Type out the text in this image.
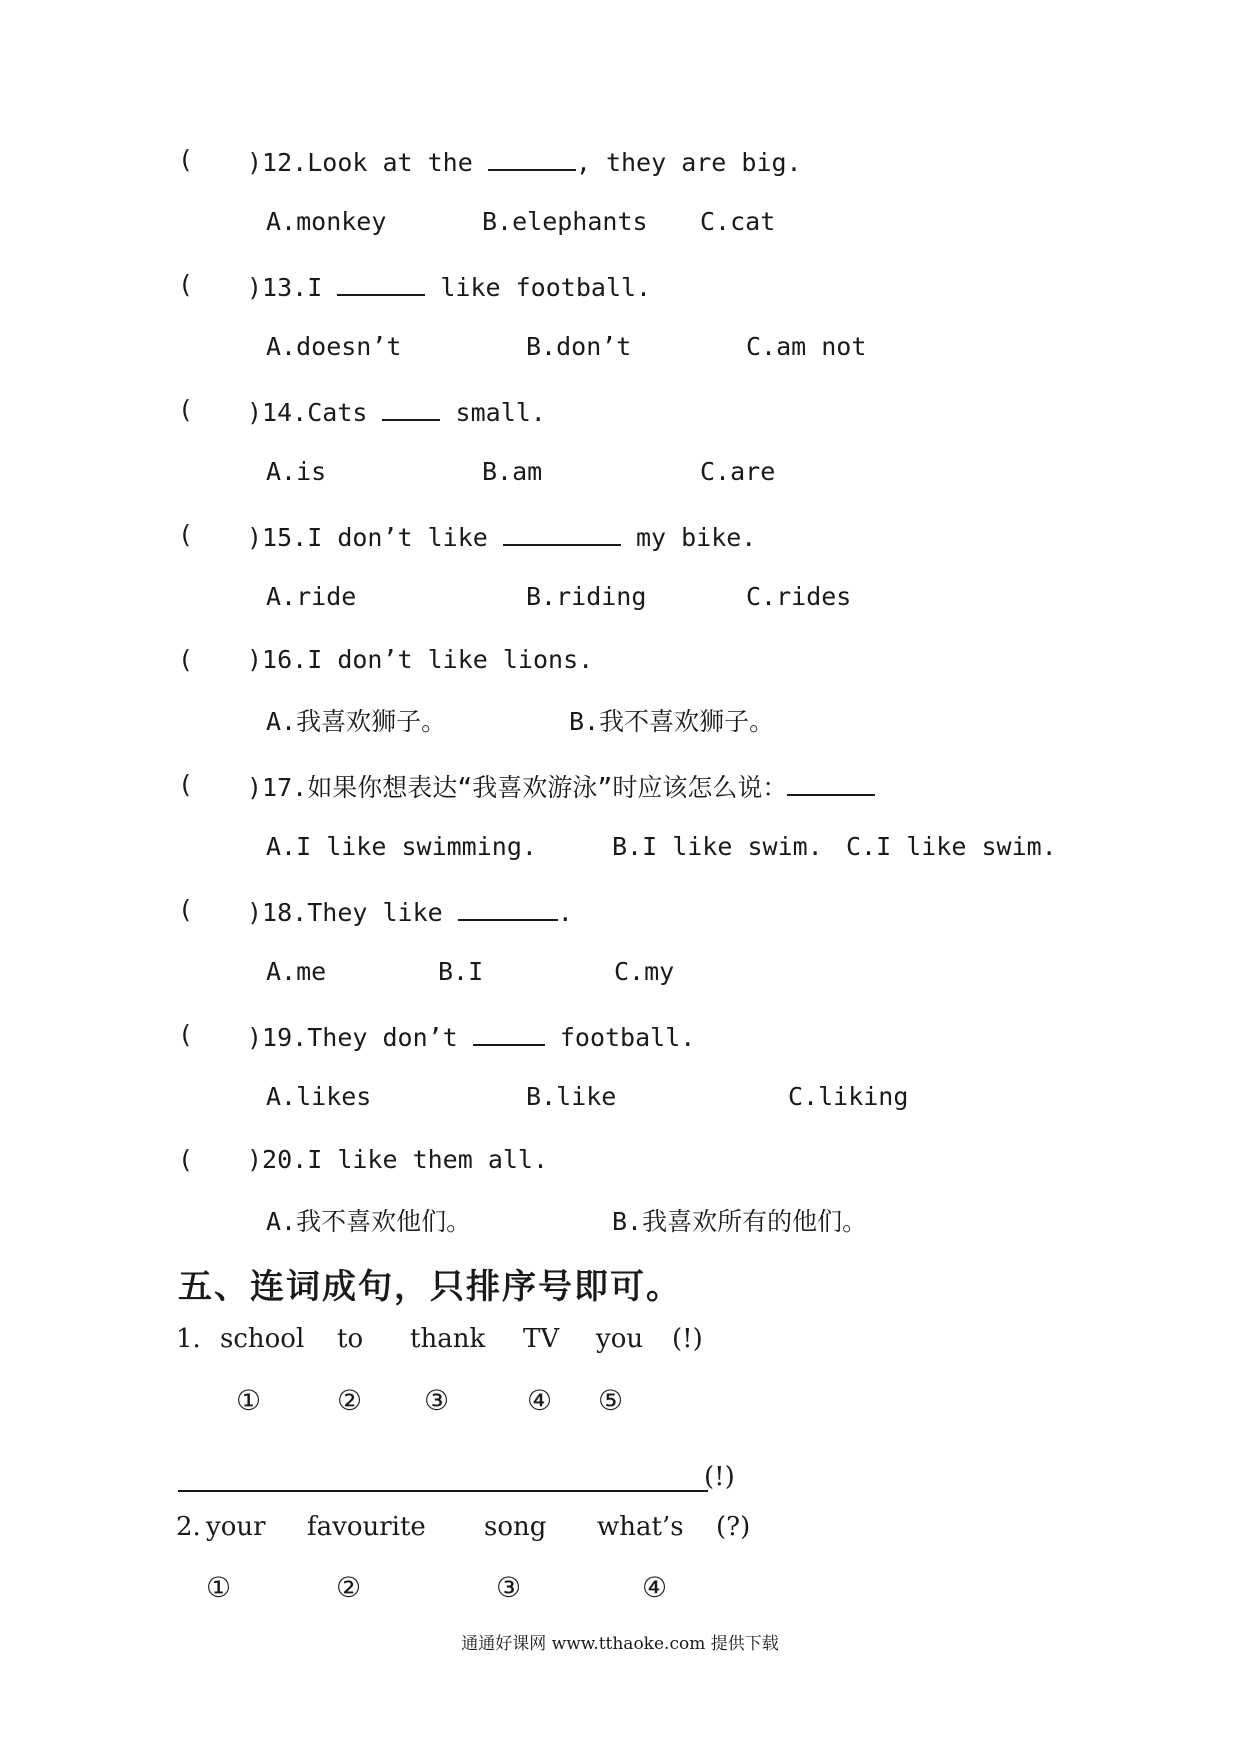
( )12.Look at the	, they are big.
A.monkey	B.elephants C.cat
( )13.I	like football.
A.doesn’t	B.don’t	C.am not
( )14.Cats  small.
A.is	B.am	C.are
( )15.I don’t like	my bike.
A.ride	B.riding	C.rides
( )16.I don’t like lions.
A.我喜欢狮子。	B.我不喜欢狮子。
( )17.如果你想表达“我喜欢游泳”时应该怎么说：
A.I like swimming.	B.I like swim. C.I like swim.
( )18.They like	.
A.me	B.I	C.my
( )19.They don’t	football.
A.likes	B.like	C.liking
( )20.I like them all.
A.我不喜欢他们。	B.我喜欢所有的他们。
五、连词成句，只排序号即可。
1. school to thank TV you (!)
①	② ③	④ ⑤
(!)
2. your favourite song what’s (?)
①	②	③	④
通通好课网 www.tthaoke.com 提供下载
